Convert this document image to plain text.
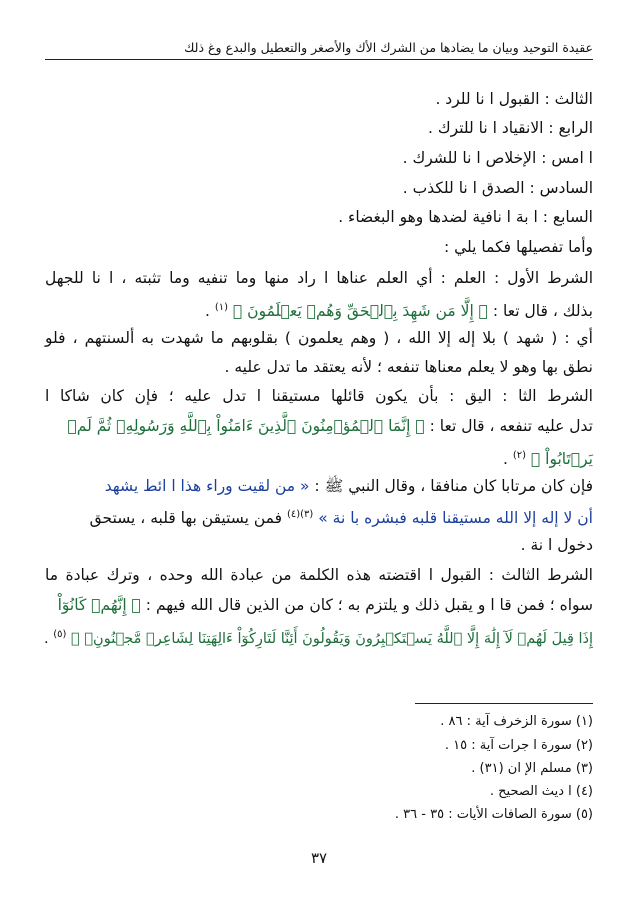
عقيدة التوحيد وبيان ما يضادها من الشرك الأك والأصغر والتعطيل والبدع وغ ذلك
الثالث : القبول ا نا للرد .
الرابع : الانقياد ا نا للترك .
ا امس : الإخلاص ا نا للشرك .
السادس : الصدق ا نا للكذب .
السابع : ا بة ا نافية لضدها وهو البغضاء .
وأما تفصيلها فكما يلي :
الشرط الأول : العلم : أي العلم عناها ا راد منها وما تنفيه وما تثبته ، ا نا للجهل
بذلك ، قال تعا : ﴿ إِلَّا مَن شَهِدَ بِٱلۡحَقِّ وَهُمۡ يَعۡلَمُونَ ﴾ $^{(١)}$ .
أي : ( شهد ) بلا إله إلا الله ، ( وهم يعلمون ) بقلوبهم ما شهدت به ألسنتهم ، فلو
نطق بها وهو لا يعلم معناها تنفعه ؛ لأنه يعتقد ما تدل عليه .
الشرط الثا : اليق : بأن يكون قائلها مستيقنا ا تدل عليه ؛ فإن كان شاكا ا
تدل عليه تنفعه ، قال تعا : ﴿ إِنَّمَا ٱلۡمُؤۡمِنُونَ ٱلَّذِينَ ءَامَنُواْ بِٱللَّهِ وَرَسُولِهِۦ ثُمَّ لَمۡ
يَرۡتَابُواْ ﴾ $^{(٢)}$ .
فإن كان مرتابا كان منافقا ، وقال النبي ﷺ : « من لقيت وراء هذا ا ائط يشهد
أن لا إله إلا الله مستيقنا قلبه فبشره با نة » $^{(٣)(٤)}$ فمن يستيقن بها قلبه ، يستحق
دخول ا نة .
الشرط الثالث : القبول ا اقتضته هذه الكلمة من عبادة الله وحده ، وترك عبادة ما
سواه ؛ فمن قا ا و يقبل ذلك و يلتزم به ؛ كان من الذين قال الله فيهم : ﴿ إِنَّهُمۡ كَانُوٓاْ
إِذَا قِيلَ لَهُمۡ لَآ إِلَٰهَ إِلَّا ٱللَّهُ يَسۡتَكۡبِرُونَ وَيَقُولُونَ أَئِنَّا لَتَارِكُوٓاْ ءَالِهَتِنَا لِشَاعِرٖ مَّجۡنُونِۭ ﴾ $^{(٥)}$ .
(١) سورة الزخرف آية : ٨٦ .
(٢) سورة ا جرات آية : ١٥ .
(٣) مسلم الإ ان (٣١) .
(٤) ا ديث الصحيح .
(٥) سورة الصافات الأيات : ٣٥ - ٣٦ .
٣٧
